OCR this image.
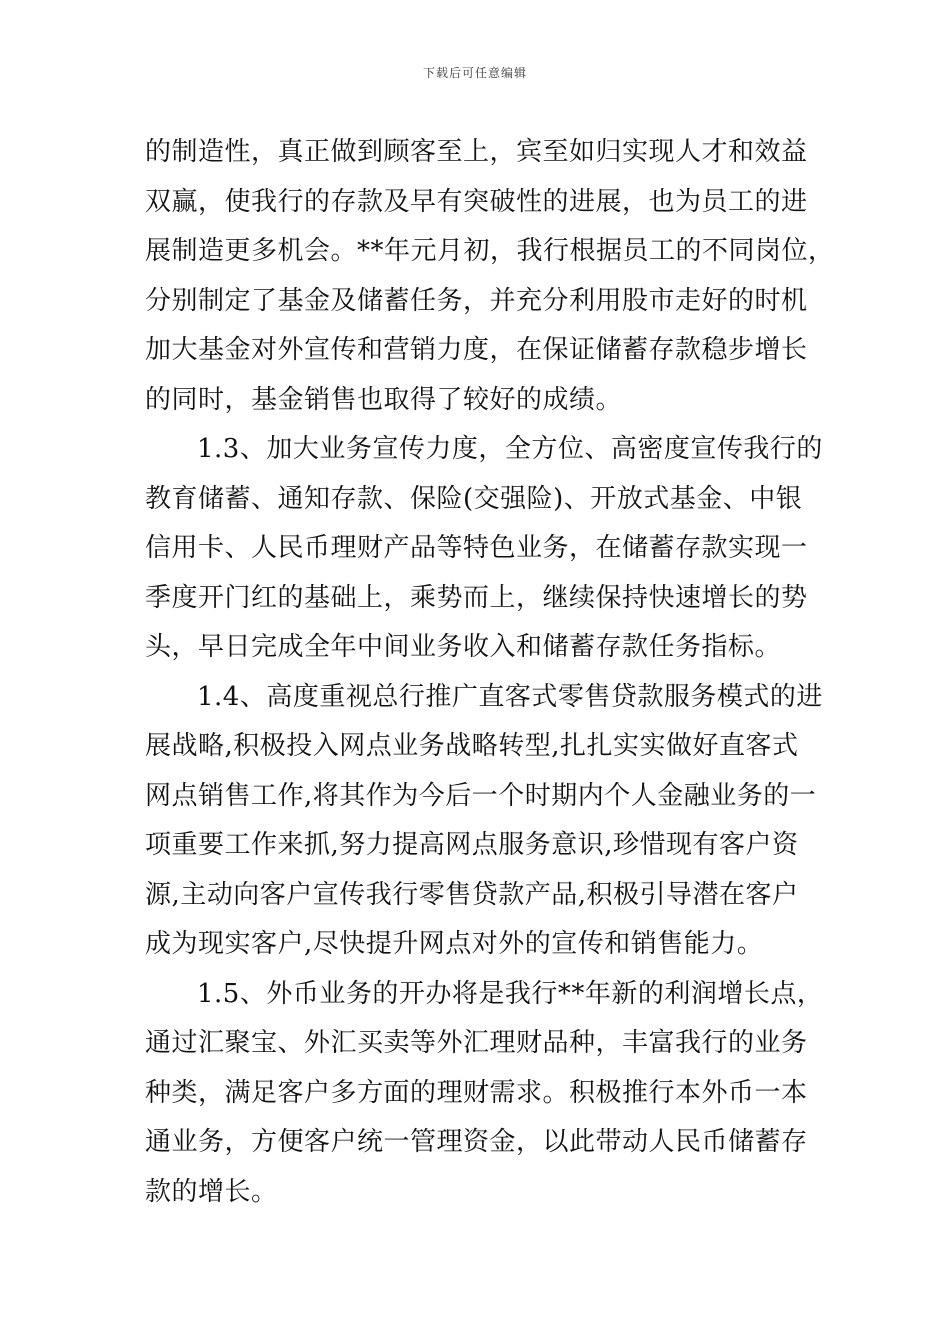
下载后可任意编辑
的制造性，真正做到顾客至上，宾至如归实现人才和效益
双赢，使我行的存款及早有突破性的进展，也为员工的进
展制造更多机会。**年元月初，我行根据员工的不同岗位，
分别制定了基金及储蓄任务，并充分利用股市走好的时机
加大基金对外宣传和营销力度，在保证储蓄存款稳步增长
的同时，基金销售也取得了较好的成绩。
1.3、加大业务宣传力度，全方位、高密度宣传我行的
教育储蓄、通知存款、保险(交强险)、开放式基金、中银
信用卡、人民币理财产品等特色业务，在储蓄存款实现一
季度开门红的基础上，乘势而上，继续保持快速增长的势
头，早日完成全年中间业务收入和储蓄存款任务指标。
1.4、高度重视总行推广直客式零售贷款服务模式的进
展战略,积极投入网点业务战略转型,扎扎实实做好直客式
网点销售工作,将其作为今后一个时期内个人金融业务的一
项重要工作来抓,努力提高网点服务意识,珍惜现有客户资
源,主动向客户宣传我行零售贷款产品,积极引导潜在客户
成为现实客户,尽快提升网点对外的宣传和销售能力。
1.5、外币业务的开办将是我行**年新的利润增长点，
通过汇聚宝、外汇买卖等外汇理财品种，丰富我行的业务
种类，满足客户多方面的理财需求。积极推行本外币一本
通业务，方便客户统一管理资金，以此带动人民币储蓄存
款的增长。
